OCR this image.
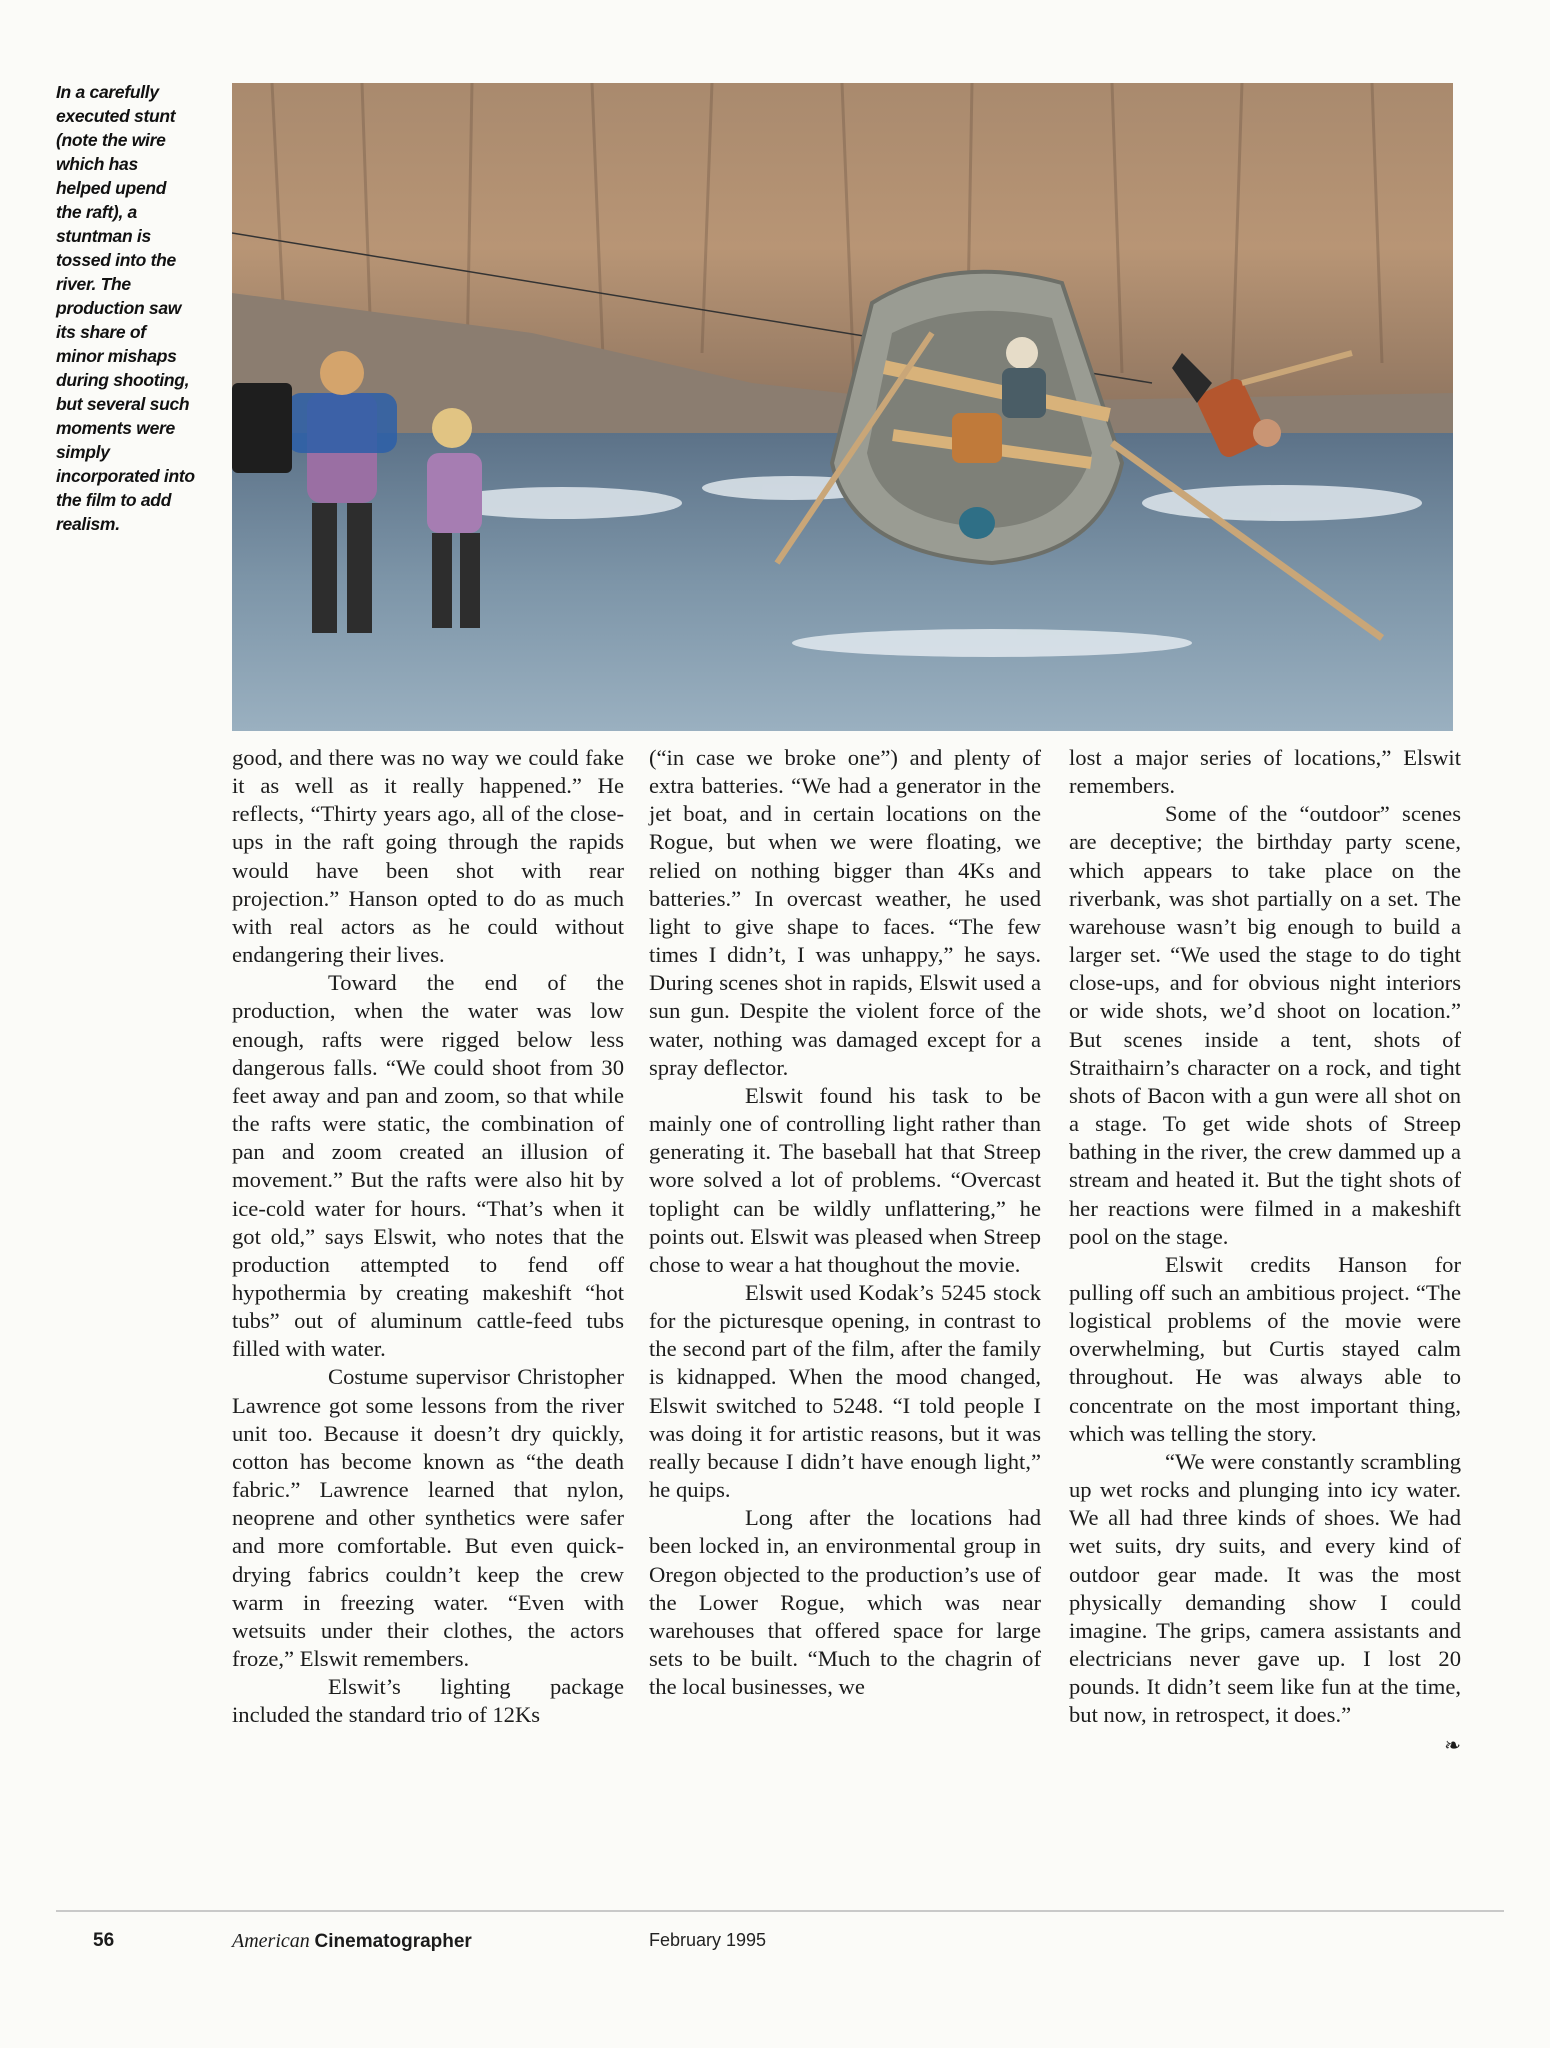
In a carefully executed stunt (note the wire which has helped upend the raft), a stuntman is tossed into the river. The production saw its share of minor mishaps during shooting, but several such moments were simply incorporated into the film to add realism.

good, and there was no way we could fake it as well as it really happened.” He reflects, “Thirty years ago, all of the close-ups in the raft going through the rapids would have been shot with rear projection.” Hanson opted to do as much with real actors as he could without endangering their lives.

Toward the end of the production, when the water was low enough, rafts were rigged below less dangerous falls. “We could shoot from 30 feet away and pan and zoom, so that while the rafts were static, the combination of pan and zoom created an illusion of movement.” But the rafts were also hit by ice-cold water for hours. “That’s when it got old,” says Elswit, who notes that the production attempted to fend off hypothermia by creating makeshift “hot tubs” out of aluminum cattle-feed tubs filled with water.

Costume supervisor Christopher Lawrence got some lessons from the river unit too. Because it doesn’t dry quickly, cotton has become known as “the death fabric.” Lawrence learned that nylon, neoprene and other synthetics were safer and more comfortable. But even quick-drying fabrics couldn’t keep the crew warm in freezing water. “Even with wetsuits under their clothes, the actors froze,” Elswit remembers.

Elswit’s lighting package included the standard trio of 12Ks

(“in case we broke one”) and plenty of extra batteries. “We had a generator in the jet boat, and in certain locations on the Rogue, but when we were floating, we relied on nothing bigger than 4Ks and batteries.” In overcast weather, he used light to give shape to faces. “The few times I didn’t, I was unhappy,” he says. During scenes shot in rapids, Elswit used a sun gun. Despite the violent force of the water, nothing was damaged except for a spray deflector.

Elswit found his task to be mainly one of controlling light rather than generating it. The baseball hat that Streep wore solved a lot of problems. “Overcast toplight can be wildly unflattering,” he points out. Elswit was pleased when Streep chose to wear a hat thoughout the movie.

Elswit used Kodak’s 5245 stock for the picturesque opening, in contrast to the second part of the film, after the family is kidnapped. When the mood changed, Elswit switched to 5248. “I told people I was doing it for artistic reasons, but it was really because I didn’t have enough light,” he quips.

Long after the locations had been locked in, an environmental group in Oregon objected to the production’s use of the Lower Rogue, which was near warehouses that offered space for large sets to be built. “Much to the chagrin of the local businesses, we

lost a major series of locations,” Elswit remembers.

Some of the “outdoor” scenes are deceptive; the birthday party scene, which appears to take place on the riverbank, was shot partially on a set. The warehouse wasn’t big enough to build a larger set. “We used the stage to do tight close-ups, and for obvious night interiors or wide shots, we’d shoot on location.” But scenes inside a tent, shots of Straithairn’s character on a rock, and tight shots of Bacon with a gun were all shot on a stage. To get wide shots of Streep bathing in the river, the crew dammed up a stream and heated it. But the tight shots of her reactions were filmed in a makeshift pool on the stage.

Elswit credits Hanson for pulling off such an ambitious project. “The logistical problems of the movie were overwhelming, but Curtis stayed calm throughout. He was always able to concentrate on the most important thing, which was telling the story.

“We were constantly scrambling up wet rocks and plunging into icy water. We all had three kinds of shoes. We had wet suits, dry suits, and every kind of outdoor gear made. It was the most physically demanding show I could imagine. The grips, camera assistants and electricians never gave up. I lost 20 pounds. It didn’t seem like fun at the time, but now, in retrospect, it does.”
❧

56	American Cinematographer	February 1995
